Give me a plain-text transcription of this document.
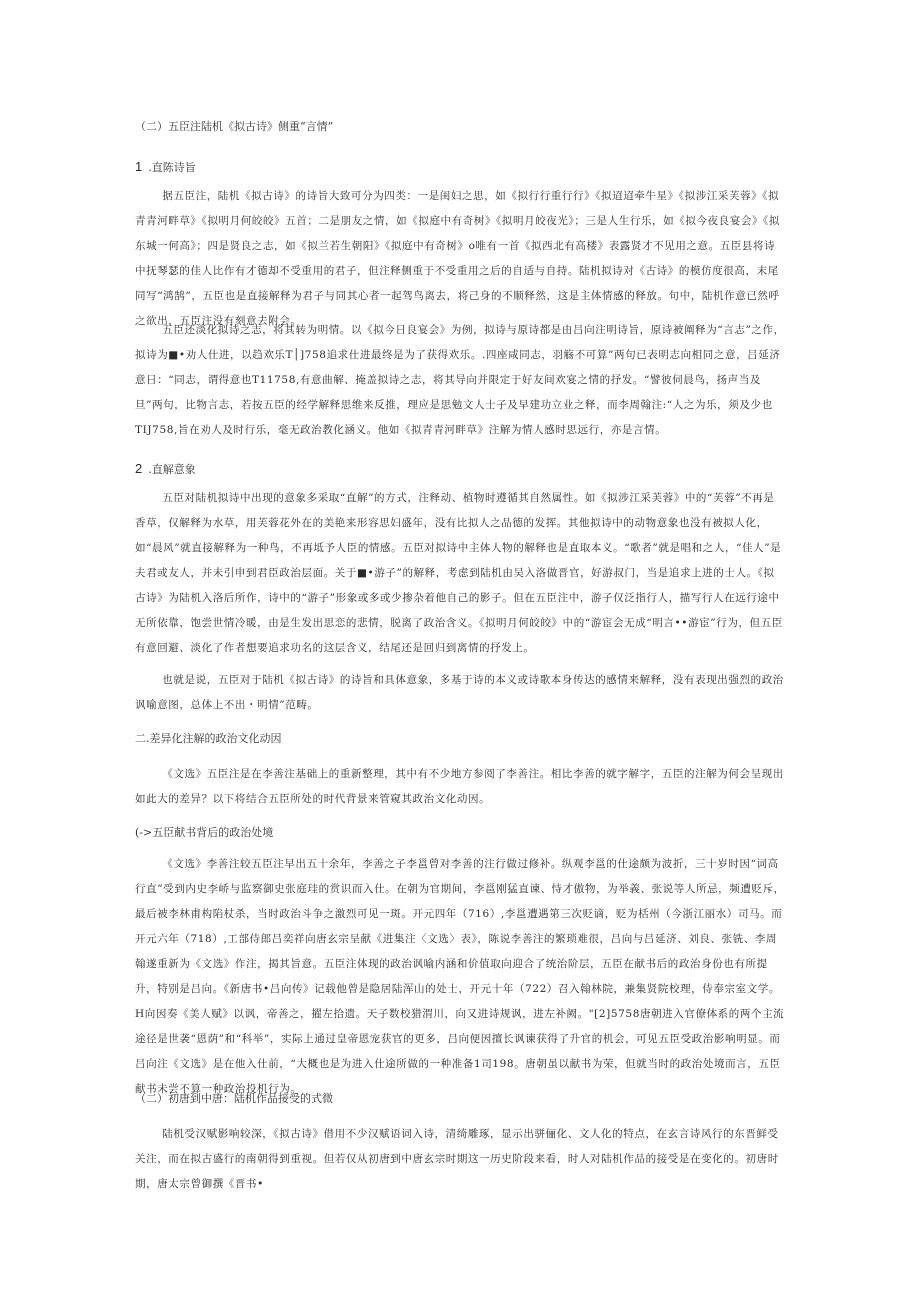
（二）五臣注陆机《拟古诗》侧重“言情”

1 .直陈诗旨

据五臣注，陆机《拟古诗》的诗旨大致可分为四类：一是闺妇之思，如《拟行行重行行》《拟迢迢牵牛星》《拟涉江采芙蓉》《拟青青河畔草》《拟明月何皎皎》五首；二是朋友之情，如《拟庭中有奇树》《拟明月皎夜光》；三是人生行乐，如《拟今夜良宴会》《拟东城一何高》；四是贤良之志，如《拟兰若生朝阳》《拟庭中有奇树》o唯有一首《拟西北有高楼》表露贤才不见用之意。五臣县将诗中抚琴瑟的佳人比作有才德却不受重用的君子，但注释侧重于不受重用之后的自适与自持。陆机拟诗对《古诗》的模仿度很高，末尾同写“鸿鹄”，五臣也是直接解释为君子与同其心者一起驾鸟离去，将己身的不顺释然，这是主体情感的释放。句中，陆机作意已然呼之欲出，五臣注没有刻意去附会。

五臣还淡化拟诗之志，将其转为明情。以《拟今日良宴会》为例，拟诗与原诗都是由吕向注明诗旨，原诗被阐释为“言志”之作，拟诗为■•劝人仕进，以趋欢乐T│]758追求仕进最终是为了获得欢乐。.四座咸同志，羽觞不可算”两句已表明志向相同之意，吕延济意日：“同志，谓得意也T11758,有意曲解、掩盖拟诗之志，将其导向并限定于好友间欢宴之情的抒发。“譬彼伺晨鸟，扬声当及旦”两句，比物言志，若按五臣的经学解释思维来反推，理应是思勉文人士子及早建功立业之释，而李周翰注:“人之为乐，须及少也TIJ758,旨在劝人及时行乐，毫无政治教化涵义。他如《拟青青河畔草》注解为情人感时思远行，亦是言情。

2 .直解意象

五臣对陆机拟诗中出现的意象多采取“直解”的方式，注释动、植物时遵循其自然属性。如《拟涉江采芙蓉》中的“芙蓉”不再是香草，仅解释为水草，用芙蓉花外在的美艳来形容思妇盛年，没有比拟人之品德的发挥。其他拟诗中的动物意象也没有被拟人化，如“晨风”就直接解释为一种鸟，不再坻予人臣的情感。五臣对拟诗中主体人物的解释也是直取本义。“歌者”就是唱和之人，“佳人”是夫君或友人，并未引申到君臣政治层面。关于■•游子”的解释，考虑到陆机由吴入洛做晋官，好游叔门，当是追求上进的士人。《拟古诗》为陆机入洛后所作，诗中的“游子”形象或多或少掺杂着他自己的影子。但在五臣注中，游子仅泛指行人，描写行人在远行途中无所依靠，饱尝世情冷暖，由是生发出思恋的悲情，脱离了政治含义。《拟明月何皎皎》中的“游宦会无成“明言••游宦”行为，但五臣有意回避、淡化了作者想要追求功名的这层含义，结尾还是回归到离情的抒发上。

也就是说，五臣对于陆机《拟古诗》的诗旨和具体意象，多基于诗的本义或诗歌本身传达的感情来解释，没有表现出强烈的政治讽喻意图，总体上不出・明情”范畴。

二.差异化注解的政治文化动因

《文选》五臣注是在李善注基础上的重新整理，其中有不少地方参阅了李善注。相比李善的就字解字，五臣的注解为何会呈现出如此大的差异？以下将结合五臣所处的时代背景来管窥其政治文化动因。

(->五臣献书背后的政治处境

《文选》李善注较五臣注早出五十余年，李善之子李邕曾对李善的注行做过修补。纵观李邕的仕途颇为波折，三十岁时因“词高行直”受到内史李峤与监察御史张庭珪的赏识而入仕。在朝为官期间，李邕刚猛直谏、恃才傲物，为举義、张说等人所忌，频遭贬斥，最后被李林甫构陷杖杀，当时政治斗争之激烈可见一斑。开元四年（716）,李邕遭遇第三次贬谪，贬为栝州（今浙江丽水）司马。而开元六年（718）,工部侍郎吕奕祥向唐玄宗呈献《进集注〈文选〉表》，陈说李善注的繁琐难很，吕向与吕延济、刘良、张铣、李周翰遂重新为《文选》作注，揭其旨意。五臣注体现的政治讽喻内涵和价值取向迎合了统治阶层，五臣在献书后的政治身份也有所提升，特别是吕向。《新唐书•吕向传》记载他曾是隐居陆浑山的处士，开元十年（722）召入翰林院，兼集贤院校理，侍奉宗室文学。H向因奏《美人赋》以讽，帝善之，擢左拾遗。天子数校猎渭川，向又进诗规讽，进左补阙。"[2]5758唐朝进入官僚体系的两个主流途径是世袭“恩荫”和“科举”，实际上通过皇帝恩宠获官的更多，吕向便因擅长讽谏获得了升官的机会，可见五臣受政治影响明显。而吕向注《文选》是在他入仕前，“大概也是为进入仕途所做的一种准备1司198。唐朝虽以献书为荣，但就当时的政治处境而言，五臣献书未尝不算一种政治投机行为。

（二）初唐到中唐：陆机作品接受的式微

陆机受汉赋影响较深，《拟古诗》借用不少汉赋语词入诗，清绮雕琢，显示出骈俪化、文人化的特点，在玄言诗风行的东晋鲜受关注，而在拟古盛行的南朝得到重视。但若仅从初唐到中唐玄宗时期这一历史阶段来看，时人对陆机作品的接受是在变化的。初唐时期，唐太宗曾御撰《晋书•
